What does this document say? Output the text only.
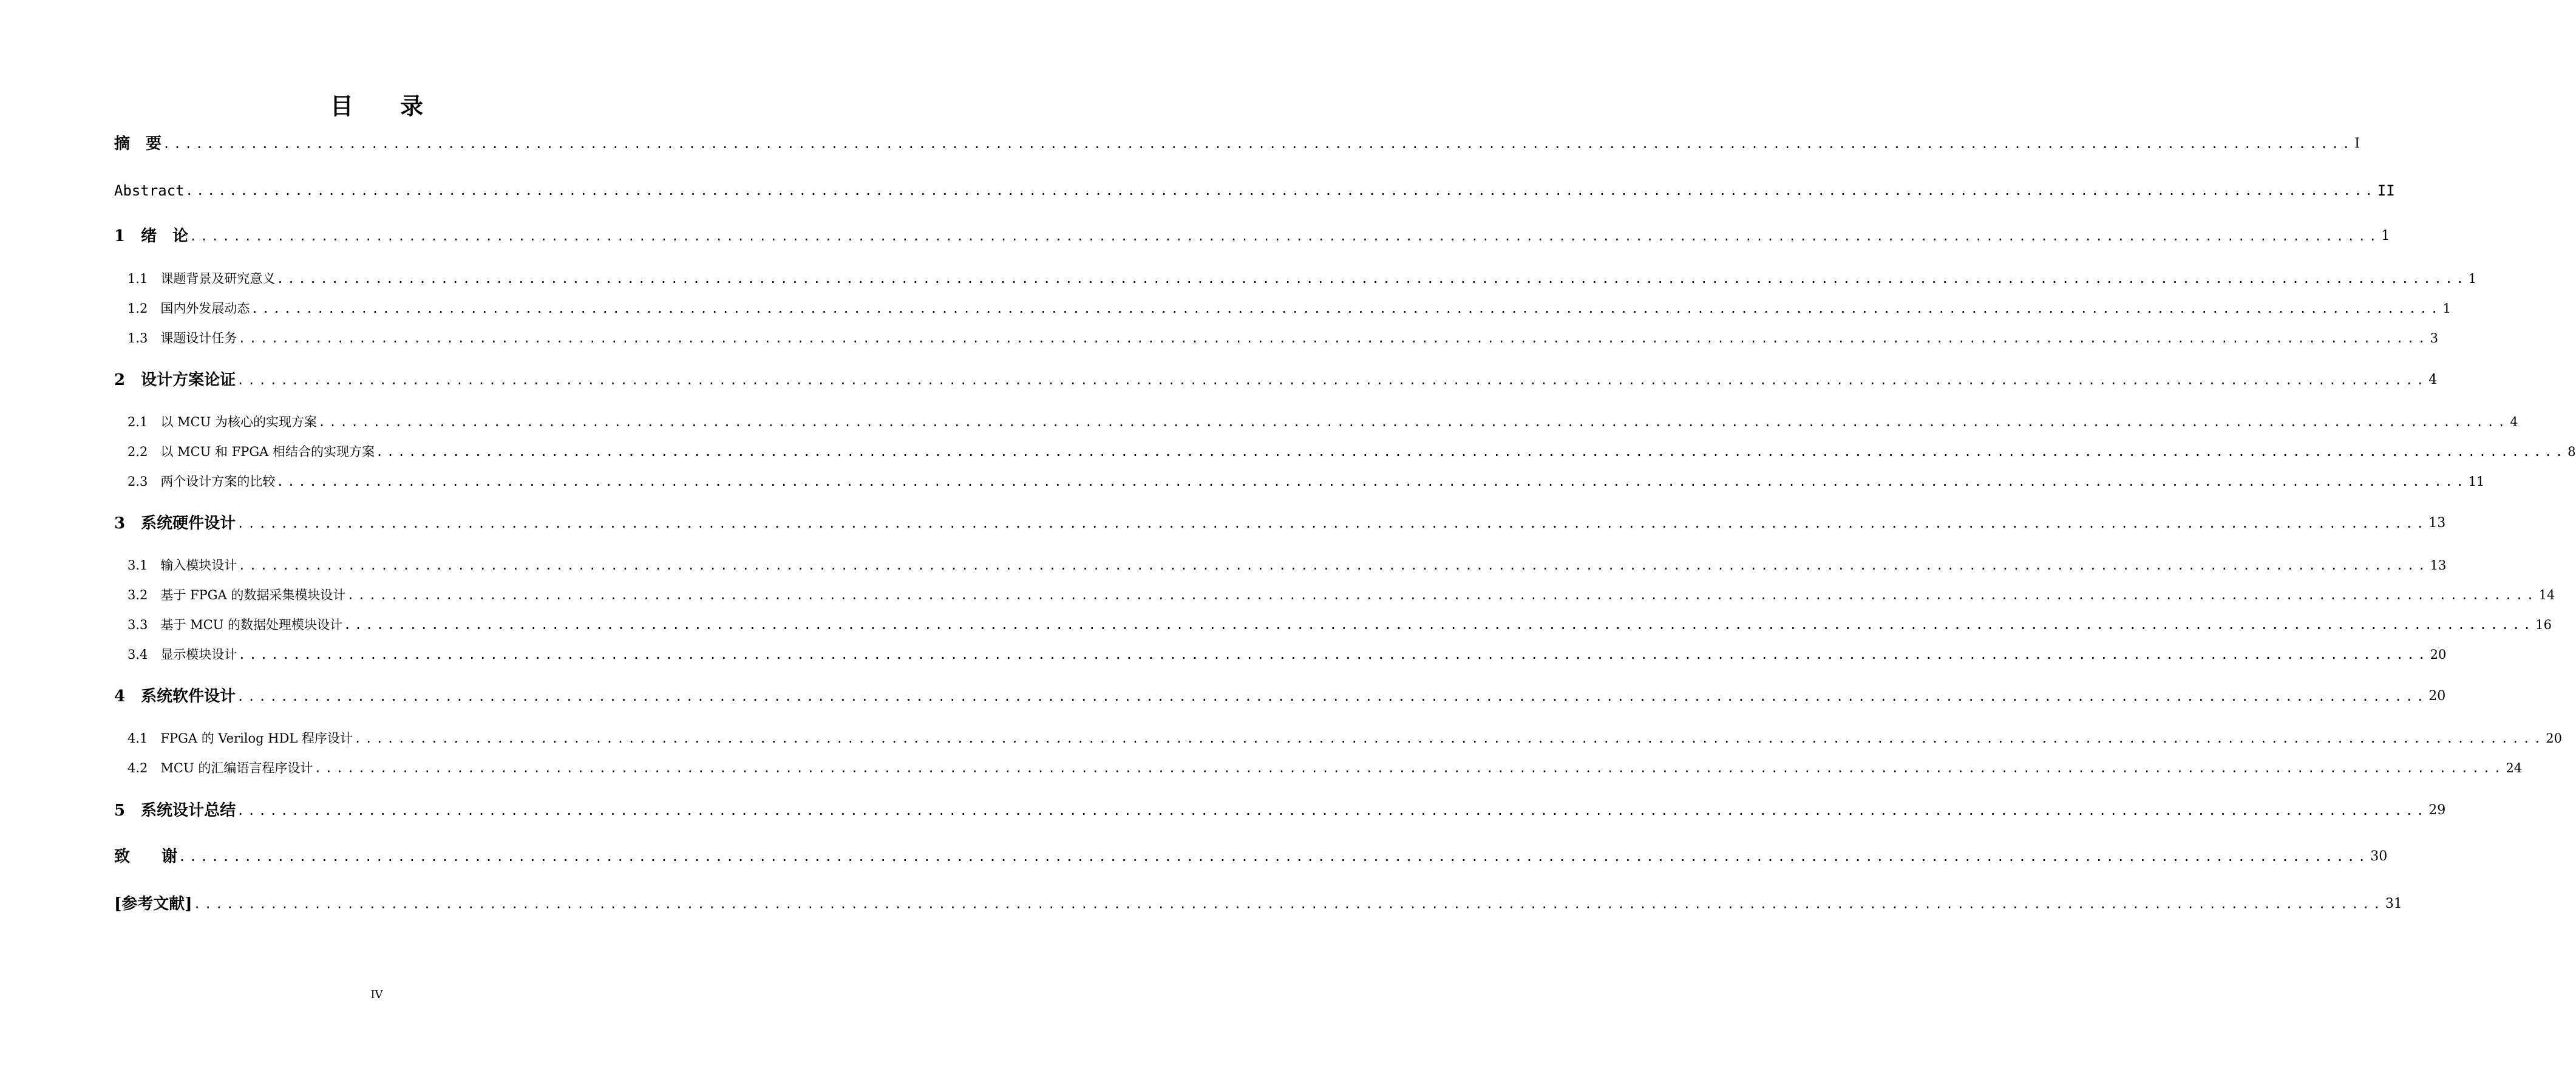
目 录
摘　要 ........................................................................................................................................................................................................ I
Abstract ........................................................................................................................................................................................................ II
1　绪　论 ........................................................................................................................................................................................................ 1
1.1　课题背景及研究意义 ........................................................................................................................................................................................................ 1
1.2　国内外发展动态 ........................................................................................................................................................................................................ 1
1.3　课题设计任务 ........................................................................................................................................................................................................ 3
2　设计方案论证 ........................................................................................................................................................................................................ 4
2.1　以 MCU 为核心的实现方案 ........................................................................................................................................................................................................ 4
2.2　以 MCU 和 FPGA 相结合的实现方案 ........................................................................................................................................................................................................ 8
2.3　两个设计方案的比较 ........................................................................................................................................................................................................ 11
3　系统硬件设计 ........................................................................................................................................................................................................ 13
3.1　输入模块设计 ........................................................................................................................................................................................................ 13
3.2　基于 FPGA 的数据采集模块设计 ........................................................................................................................................................................................................ 14
3.3　基于 MCU 的数据处理模块设计 ........................................................................................................................................................................................................ 16
3.4　显示模块设计 ........................................................................................................................................................................................................ 20
4　系统软件设计 ........................................................................................................................................................................................................ 20
4.1　FPGA 的 Verilog HDL 程序设计 ........................................................................................................................................................................................................ 20
4.2　MCU 的汇编语言程序设计 ........................................................................................................................................................................................................ 24
5　系统设计总结 ........................................................................................................................................................................................................ 29
致　　谢 ........................................................................................................................................................................................................ 30
[参考文献] ........................................................................................................................................................................................................ 31
IV
